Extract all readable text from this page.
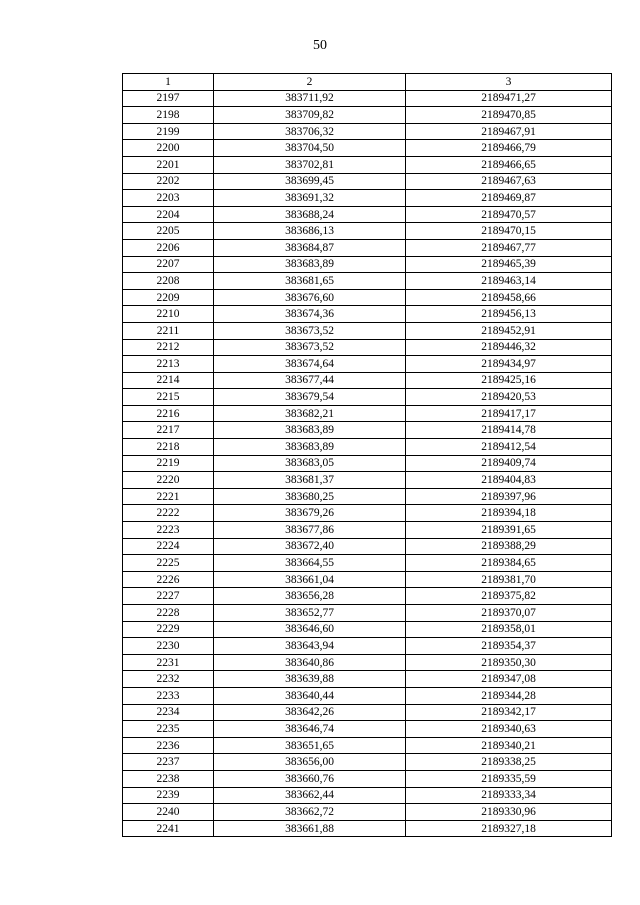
50
1	2	3
2197	383711,92	2189471,27
2198	383709,82	2189470,85
2199	383706,32	2189467,91
2200	383704,50	2189466,79
2201	383702,81	2189466,65
2202	383699,45	2189467,63
2203	383691,32	2189469,87
2204	383688,24	2189470,57
2205	383686,13	2189470,15
2206	383684,87	2189467,77
2207	383683,89	2189465,39
2208	383681,65	2189463,14
2209	383676,60	2189458,66
2210	383674,36	2189456,13
2211	383673,52	2189452,91
2212	383673,52	2189446,32
2213	383674,64	2189434,97
2214	383677,44	2189425,16
2215	383679,54	2189420,53
2216	383682,21	2189417,17
2217	383683,89	2189414,78
2218	383683,89	2189412,54
2219	383683,05	2189409,74
2220	383681,37	2189404,83
2221	383680,25	2189397,96
2222	383679,26	2189394,18
2223	383677,86	2189391,65
2224	383672,40	2189388,29
2225	383664,55	2189384,65
2226	383661,04	2189381,70
2227	383656,28	2189375,82
2228	383652,77	2189370,07
2229	383646,60	2189358,01
2230	383643,94	2189354,37
2231	383640,86	2189350,30
2232	383639,88	2189347,08
2233	383640,44	2189344,28
2234	383642,26	2189342,17
2235	383646,74	2189340,63
2236	383651,65	2189340,21
2237	383656,00	2189338,25
2238	383660,76	2189335,59
2239	383662,44	2189333,34
2240	383662,72	2189330,96
2241	383661,88	2189327,18
